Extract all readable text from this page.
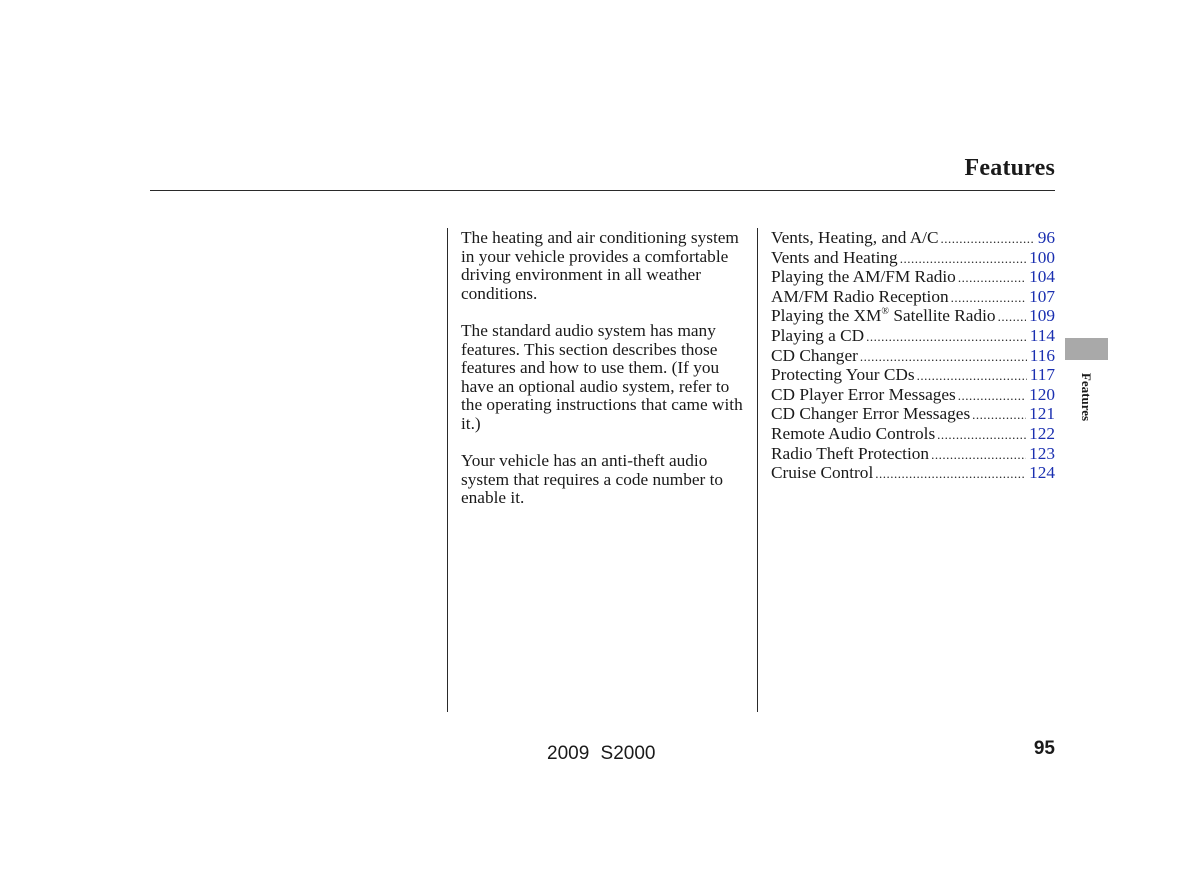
Features

The heating and air conditioning system in your vehicle provides a comfortable driving environment in all weather conditions.

The standard audio system has many features. This section describes those features and how to use them. (If you have an optional audio system, refer to the operating instructions that came with it.)

Your vehicle has an anti-theft audio system that requires a code number to enable it.

Vents, Heating, and A/C .....	96
Vents and Heating .....	100
Playing the AM/FM Radio .....	104
AM/FM Radio Reception .....	107
Playing the XM® Satellite Radio ..... 109
Playing a CD .....	114
CD Changer .....	116
Protecting Your CDs .....	117
CD Player Error Messages .....	120
CD Changer Error Messages .....	121
Remote Audio Controls .....	122
Radio Theft Protection .....	123
Cruise Control .....	124
Features
2009 S2000	95
